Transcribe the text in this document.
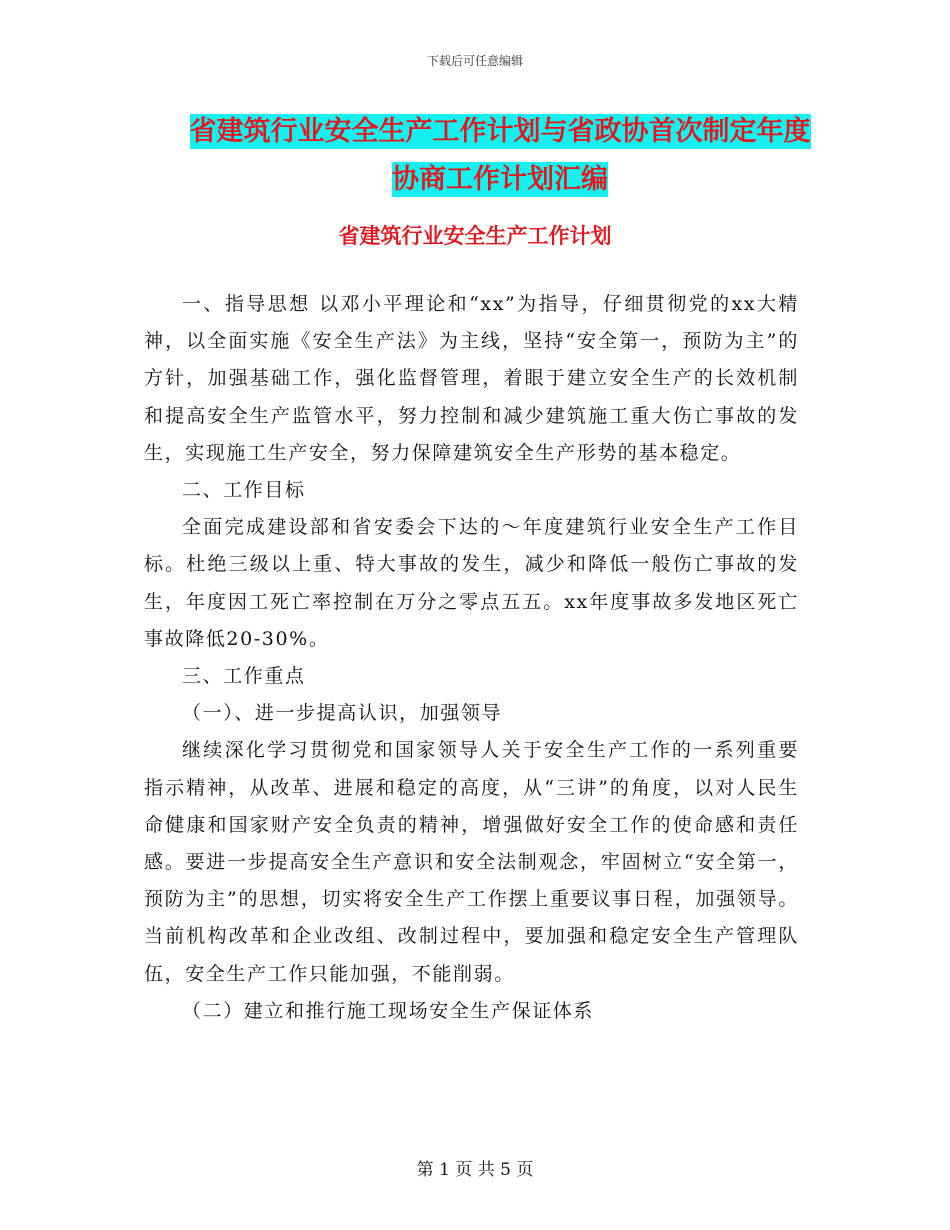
下载后可任意编辑
省建筑行业安全生产工作计划与省政协首次制定年度
协商工作计划汇编
省建筑行业安全生产工作计划

一、指导思想 以邓小平理论和“xx”为指导，仔细贯彻党的xx大精神，以全面实施《安全生产法》为主线，坚持“安全第一，预防为主”的方针，加强基础工作，强化监督管理，着眼于建立安全生产的长效机制和提高安全生产监管水平，努力控制和减少建筑施工重大伤亡事故的发生，实现施工生产安全，努力保障建筑安全生产形势的基本稳定。

二、工作目标

全面完成建设部和省安委会下达的～年度建筑行业安全生产工作目标。杜绝三级以上重、特大事故的发生，减少和降低一般伤亡事故的发生，年度因工死亡率控制在万分之零点五五。xx年度事故多发地区死亡事故降低20-30%。

三、工作重点

（一）、进一步提高认识，加强领导

继续深化学习贯彻党和国家领导人关于安全生产工作的一系列重要指示精神，从改革、进展和稳定的高度，从“三讲”的角度，以对人民生命健康和国家财产安全负责的精神，增强做好安全工作的使命感和责任感。要进一步提高安全生产意识和安全法制观念，牢固树立“安全第一，预防为主”的思想，切实将安全生产工作摆上重要议事日程，加强领导。当前机构改革和企业改组、改制过程中，要加强和稳定安全生产管理队伍，安全生产工作只能加强，不能削弱。

（二）建立和推行施工现场安全生产保证体系

第 1 页 共 5 页
